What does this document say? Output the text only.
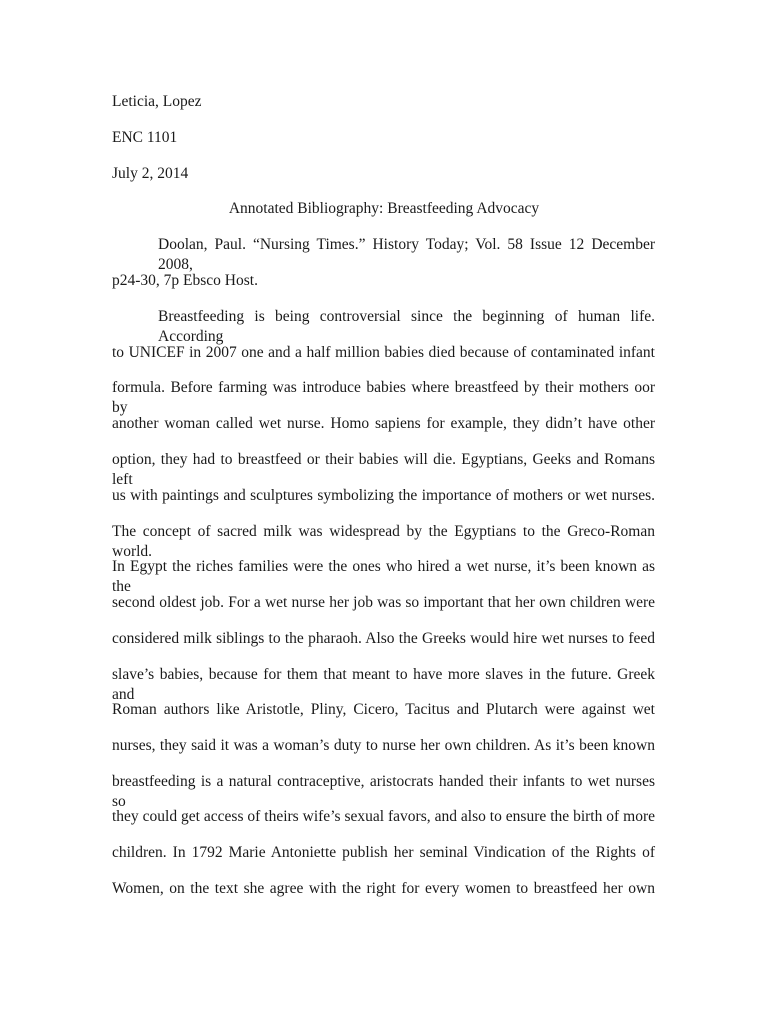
Leticia, Lopez
ENC 1101
July 2, 2014
Annotated Bibliography: Breastfeeding Advocacy
Doolan, Paul. “Nursing Times.” History Today; Vol. 58 Issue 12 December 2008,
p24-30, 7p Ebsco Host.
Breastfeeding is being controversial since the beginning of human life. According
to UNICEF in 2007 one and a half million babies died because of contaminated infant
formula. Before farming was introduce babies where breastfeed by their mothers oor by
another woman called wet nurse. Homo sapiens for example, they didn’t have other
option, they had to breastfeed or their babies will die. Egyptians, Geeks and Romans left
us with paintings and sculptures symbolizing the importance of mothers or wet nurses.
The concept of sacred milk was widespread by the Egyptians to the Greco-Roman world.
In Egypt the riches families were the ones who hired a wet nurse, it’s been known as the
second oldest job. For a wet nurse her job was so important that her own children were
considered milk siblings to the pharaoh. Also the Greeks would hire wet nurses to feed
slave’s babies, because for them that meant to have more slaves in the future. Greek and
Roman authors like Aristotle, Pliny, Cicero, Tacitus and Plutarch were against wet
nurses, they said it was a woman’s duty to nurse her own children. As it’s been known
breastfeeding is a natural contraceptive, aristocrats handed their infants to wet nurses so
they could get access of theirs wife’s sexual favors, and also to ensure the birth of more
children. In 1792 Marie Antoniette publish her seminal Vindication of the Rights of
Women, on the text she agree with the right for every women to breastfeed her own
